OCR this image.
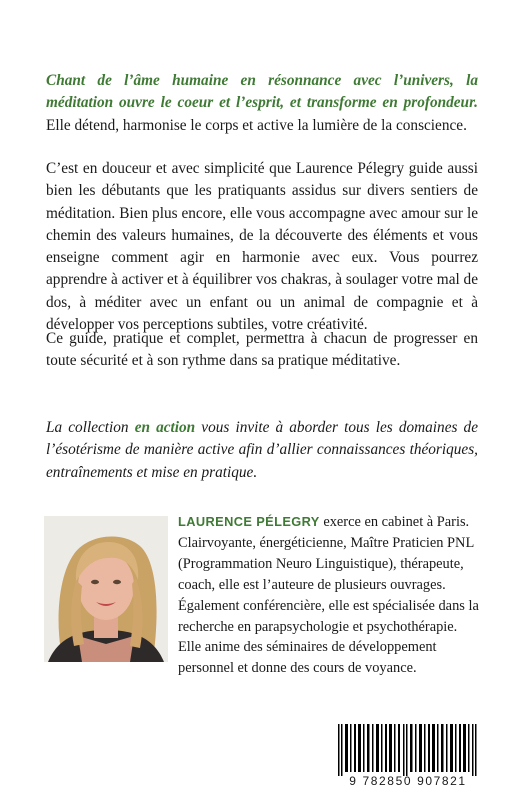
Chant de l’âme humaine en résonnance avec l’univers, la méditation ouvre le coeur et l’esprit, et transforme en profondeur. Elle détend, harmonise le corps et active la lumière de la conscience.

C’est en douceur et avec simplicité que Laurence Pélegry guide aussi bien les débutants que les pratiquants assidus sur divers sentiers de méditation. Bien plus encore, elle vous accompagne avec amour sur le chemin des valeurs humaines, de la découverte des éléments et vous enseigne comment agir en harmonie avec eux. Vous pourrez apprendre à activer et à équilibrer vos chakras, à soulager votre mal de dos, à méditer avec un enfant ou un animal de compagnie et à développer vos perceptions subtiles, votre créativité.

Ce guide, pratique et complet, permettra à chacun de progresser en toute sécurité et à son rythme dans sa pratique méditative.

La collection en action vous invite à aborder tous les domaines de l’ésotérisme de manière active afin d’allier connaissances théoriques, entraînements et mise en pratique.

LAURENCE PÉLEGRY exerce en cabinet à Paris. Clairvoyante, énergéticienne, Maître Praticien PNL (Programmation Neuro Linguistique), thérapeute, coach, elle est l’auteure de plusieurs ouvrages. Également conférencière, elle est spécialisée dans la recherche en parapsychologie et psychothérapie. Elle anime des séminaires de développement personnel et donne des cours de voyance.

9 782850 907821
